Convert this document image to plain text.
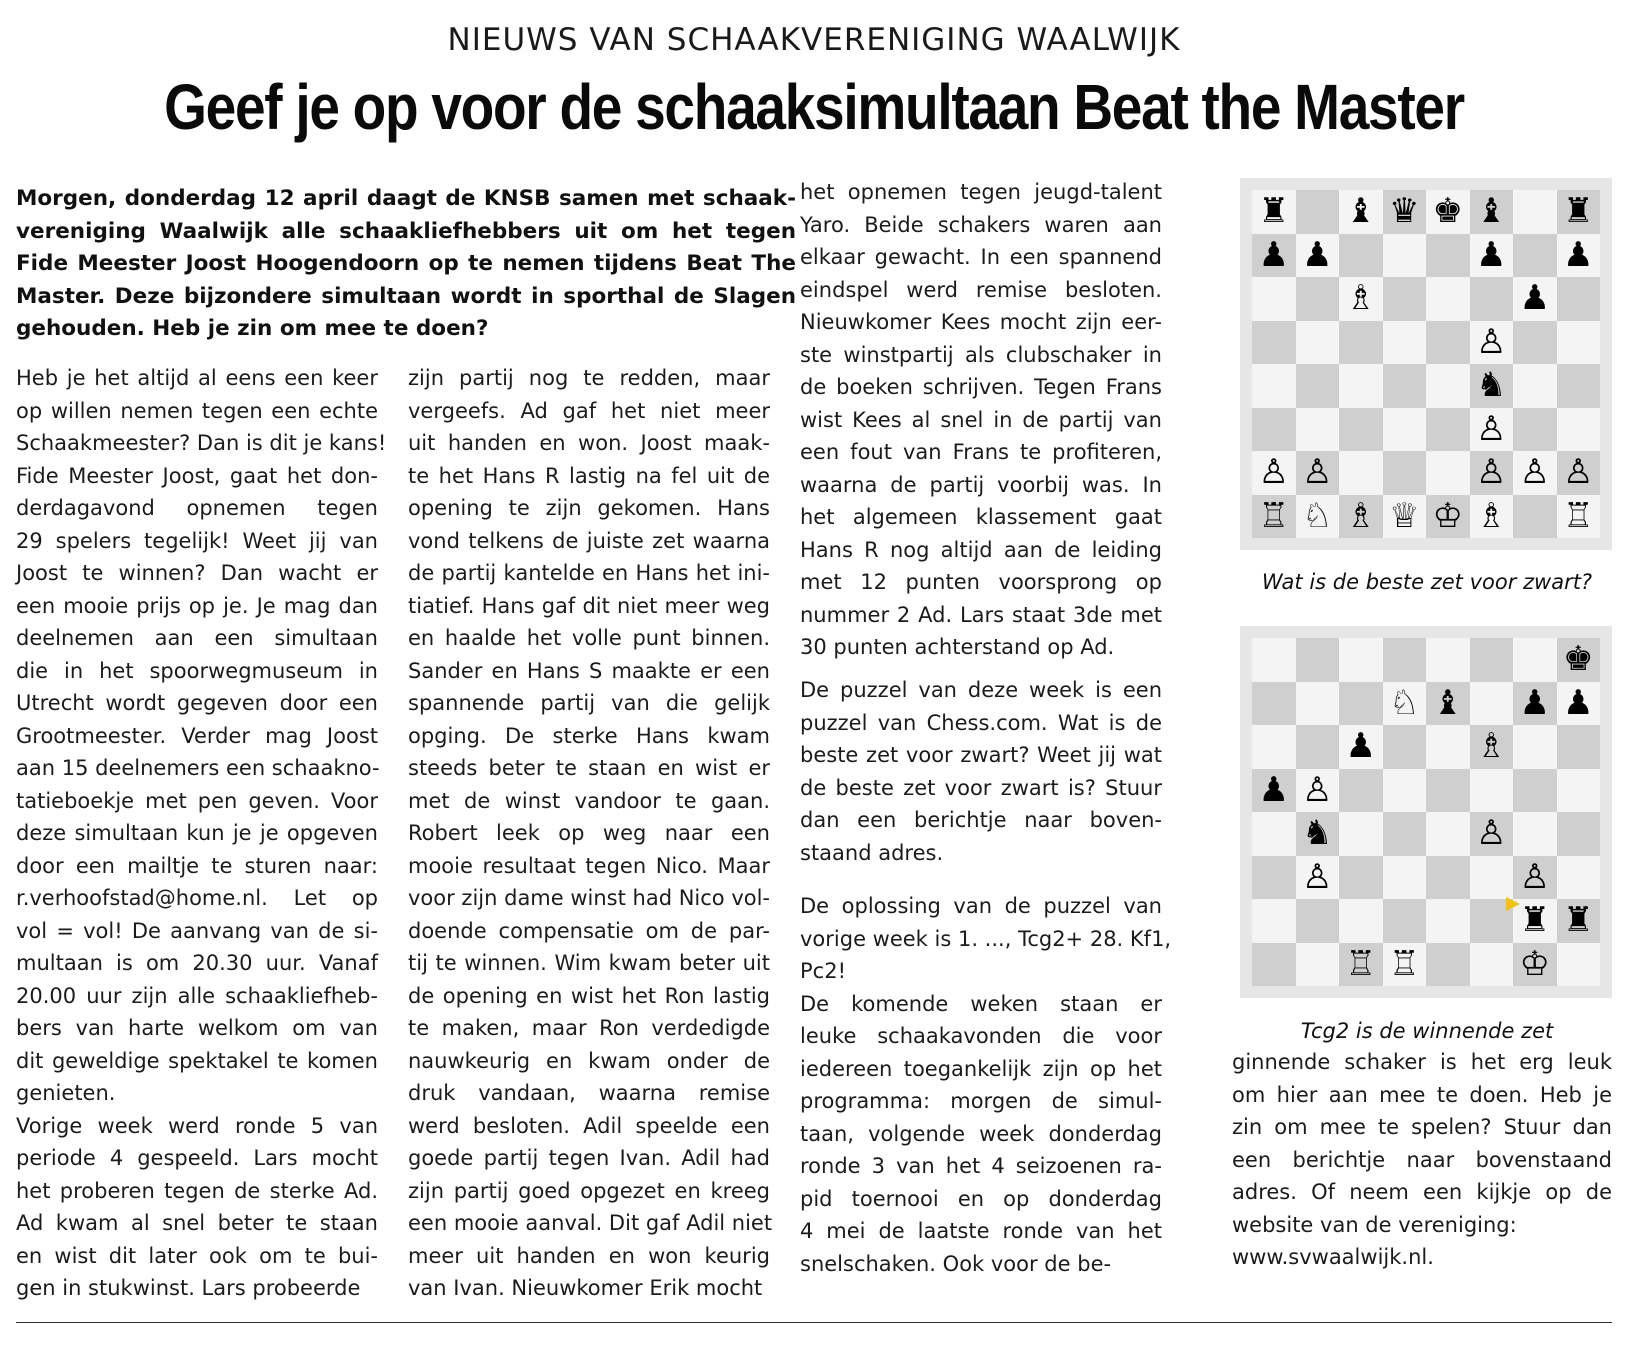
NIEUWS VAN SCHAAKVERENIGING WAALWIJK
Geef je op voor de schaaksimultaan Beat the Master
Morgen, donderdag 12 april daagt de KNSB samen met schaak-
vereniging Waalwijk alle schaakliefhebbers uit om het tegen
Fide Meester Joost Hoogendoorn op te nemen tijdens Beat The
Master. Deze bijzondere simultaan wordt in sporthal de Slagen
gehouden. Heb je zin om mee te doen?
Heb je het altijd al eens een keer
op willen nemen tegen een echte
Schaakmeester? Dan is dit je kans!
Fide Meester Joost, gaat het don-
derdagavond opnemen tegen
29 spelers tegelijk! Weet jij van
Joost te winnen? Dan wacht er
een mooie prijs op je. Je mag dan
deelnemen aan een simultaan
die in het spoorwegmuseum in
Utrecht wordt gegeven door een
Grootmeester. Verder mag Joost
aan 15 deelnemers een schaakno-
tatieboekje met pen geven. Voor
deze simultaan kun je je opgeven
door een mailtje te sturen naar:
r.verhoofstad@home.nl. Let op
vol = vol! De aanvang van de si-
multaan is om 20.30 uur. Vanaf
20.00 uur zijn alle schaakliefheb-
bers van harte welkom om van
dit geweldige spektakel te komen
genieten.
Vorige week werd ronde 5 van
periode 4 gespeeld. Lars mocht
het proberen tegen de sterke Ad.
Ad kwam al snel beter te staan
en wist dit later ook om te bui-
gen in stukwinst. Lars probeerde
zijn partij nog te redden, maar
vergeefs. Ad gaf het niet meer
uit handen en won. Joost maak-
te het Hans R lastig na fel uit de
opening te zijn gekomen. Hans
vond telkens de juiste zet waarna
de partij kantelde en Hans het ini-
tiatief. Hans gaf dit niet meer weg
en haalde het volle punt binnen.
Sander en Hans S maakte er een
spannende partij van die gelijk
opging. De sterke Hans kwam
steeds beter te staan en wist er
met de winst vandoor te gaan.
Robert leek op weg naar een
mooie resultaat tegen Nico. Maar
voor zijn dame winst had Nico vol-
doende compensatie om de par-
tij te winnen. Wim kwam beter uit
de opening en wist het Ron lastig
te maken, maar Ron verdedigde
nauwkeurig en kwam onder de
druk vandaan, waarna remise
werd besloten. Adil speelde een
goede partij tegen Ivan. Adil had
zijn partij goed opgezet en kreeg
een mooie aanval. Dit gaf Adil niet
meer uit handen en won keurig
van Ivan. Nieuwkomer Erik mocht
het opnemen tegen jeugd-talent
Yaro. Beide schakers waren aan
elkaar gewacht. In een spannend
eindspel werd remise besloten.
Nieuwkomer Kees mocht zijn eer-
ste winstpartij als clubschaker in
de boeken schrijven. Tegen Frans
wist Kees al snel in de partij van
een fout van Frans te profiteren,
waarna de partij voorbij was. In
het algemeen klassement gaat
Hans R nog altijd aan de leiding
met 12 punten voorsprong op
nummer 2 Ad. Lars staat 3de met
30 punten achterstand op Ad.
De puzzel van deze week is een
puzzel van Chess.com. Wat is de
beste zet voor zwart? Weet jij wat
de beste zet voor zwart is? Stuur
dan een berichtje naar boven-
staand adres.
De oplossing van de puzzel van
vorige week is 1. ..., Tcg2+ 28. Kf1,
Pc2!
De komende weken staan er
leuke schaakavonden die voor
iedereen toegankelijk zijn op het
programma: morgen de simul-
taan, volgende week donderdag
ronde 3 van het 4 seizoenen ra-
pid toernooi en op donderdag
4 mei de laatste ronde van het
snelschaken. Ook voor de be-
ginnende schaker is het erg leuk
om hier aan mee te doen. Heb je
zin om mee te spelen? Stuur dan
een berichtje naar bovenstaand
adres. Of neem een kijkje op de
website van de vereniging:
www.svwaalwijk.nl.
♜ ♝ ♛ ♚ ♝ ♜
♟ ♟	♟ ♟
♗	♟
♙
♞
♙
♙ ♙	♙ ♙ ♙
♖ ♘ ♗ ♕ ♔ ♗ ♖
Wat is de beste zet voor zwart?
♚
♘ ♝ ♟ ♟
♟	♗
♟ ♙
♞	♙
♙	♙
♜ ♜
♖ ♖	♔
Tcg2 is de winnende zet
